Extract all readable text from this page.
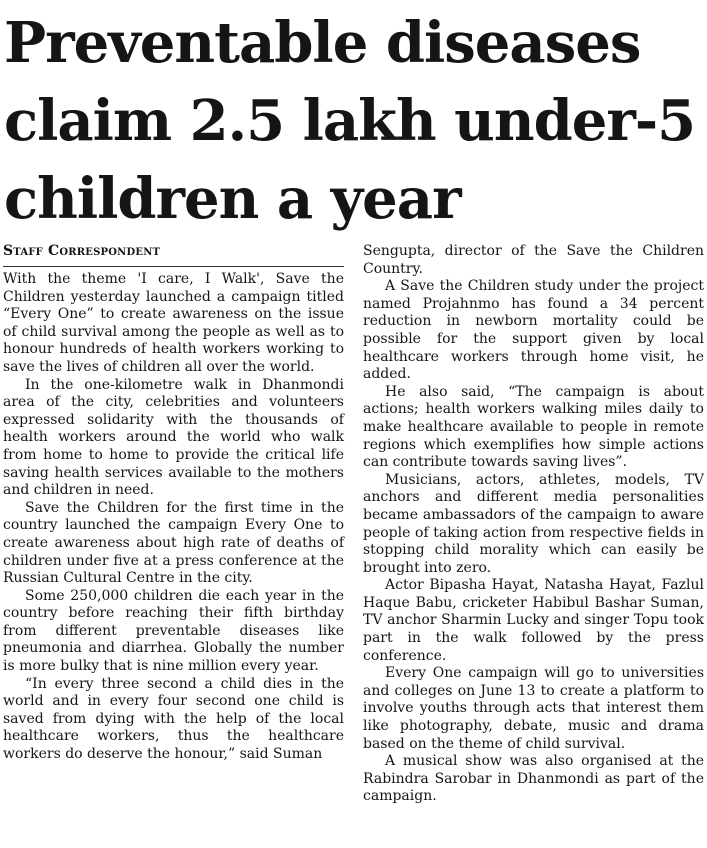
Preventable diseases claim 2.5 lakh under-5 children a year
Staff Correspondent

With the theme 'I care, I Walk', Save the Children yesterday launched a campaign titled “Every One” to create awareness on the issue of child survival among the people as well as to honour hundreds of health workers working to save the lives of children all over the world.

In the one-kilometre walk in Dhanmondi area of the city, celebrities and volunteers expressed solidarity with the thousands of health workers around the world who walk from home to home to provide the critical life saving health services available to the mothers and children in need.

Save the Children for the first time in the country launched the campaign Every One to create awareness about high rate of deaths of children under five at a press conference at the Russian Cultural Centre in the city.

Some 250,000 children die each year in the country before reaching their fifth birthday from different preventable diseases like pneumonia and diarrhea. Globally the number is more bulky that is nine million every year.

“In every three second a child dies in the world and in every four second one child is saved from dying with the help of the local healthcare workers, thus the healthcare workers do deserve the honour,” said Suman

Sengupta, director of the Save the Children Country.

A Save the Children study under the project named Projahnmo has found a 34 percent reduction in newborn mortality could be possible for the support given by local healthcare workers through home visit, he added.

He also said, “The campaign is about actions; health workers walking miles daily to make healthcare available to people in remote regions which exemplifies how simple actions can contribute towards saving lives”.

Musicians, actors, athletes, models, TV anchors and different media personalities became ambassadors of the campaign to aware people of taking action from respective fields in stopping child morality which can easily be brought into zero.

Actor Bipasha Hayat, Natasha Hayat, Fazlul Haque Babu, cricketer Habibul Bashar Suman, TV anchor Sharmin Lucky and singer Topu took part in the walk followed by the press conference.

Every One campaign will go to universities and colleges on June 13 to create a platform to involve youths through acts that interest them like photography, debate, music and drama based on the theme of child survival.

A musical show was also organised at the Rabindra Sarobar in Dhanmondi as part of the campaign.
